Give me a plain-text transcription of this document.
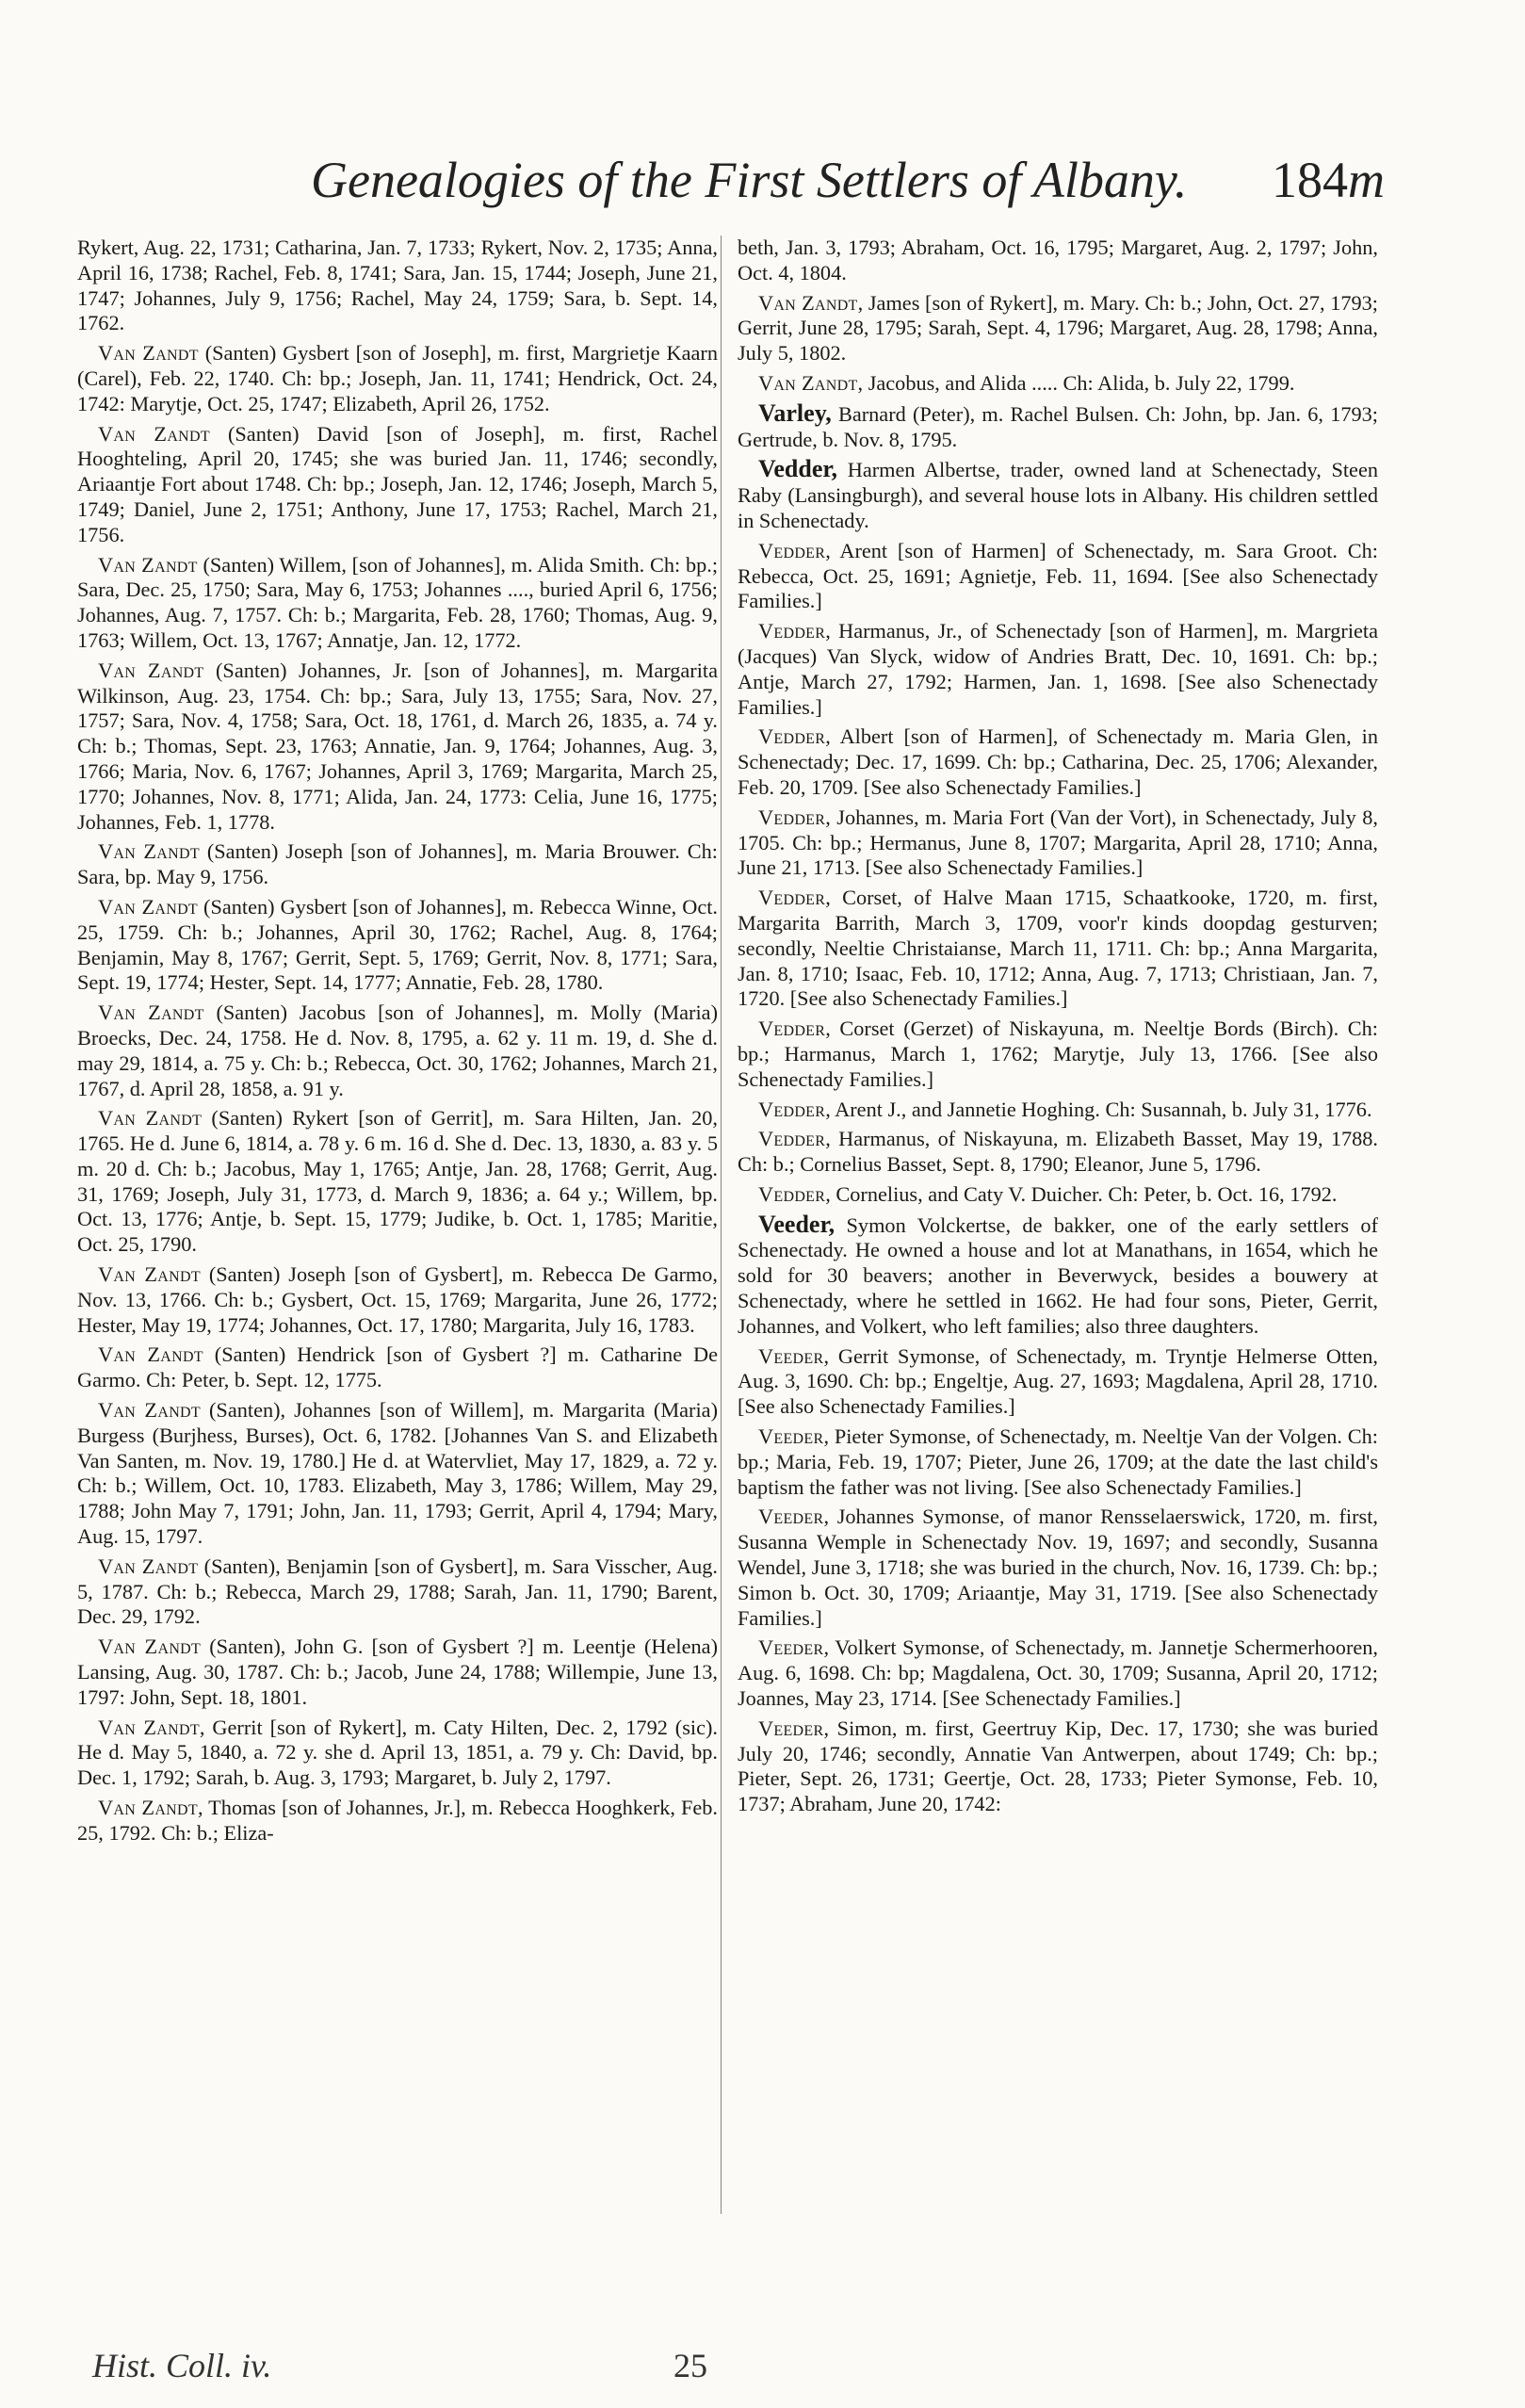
Genealogies of the First Settlers of Albany. 184m

Rykert, Aug. 22, 1731; Catharina, Jan. 7, 1733; Rykert, Nov. 2, 1735; Anna, April 16, 1738; Rachel, Feb. 8, 1741; Sara, Jan. 15, 1744; Joseph, June 21, 1747; Johannes, July 9, 1756; Rachel, May 24, 1759; Sara, b. Sept. 14, 1762.

Van Zandt (Santen) Gysbert [son of Joseph], m. first, Margrietje Kaarn (Carel), Feb. 22, 1740. Ch: bp.; Joseph, Jan. 11, 1741; Hendrick, Oct. 24, 1742: Marytje, Oct. 25, 1747; Elizabeth, April 26, 1752.

Van Zandt (Santen) David [son of Joseph], m. first, Rachel Hooghteling, April 20, 1745; she was buried Jan. 11, 1746; secondly, Ariaantje Fort about 1748. Ch: bp.; Joseph, Jan. 12, 1746; Joseph, March 5, 1749; Daniel, June 2, 1751; Anthony, June 17, 1753; Rachel, March 21, 1756.

Van Zandt (Santen) Willem, [son of Johannes], m. Alida Smith. Ch: bp.; Sara, Dec. 25, 1750; Sara, May 6, 1753; Johannes ...., buried April 6, 1756; Johannes, Aug. 7, 1757. Ch: b.; Margarita, Feb. 28, 1760; Thomas, Aug. 9, 1763; Willem, Oct. 13, 1767; Annatje, Jan. 12, 1772.

Van Zandt (Santen) Johannes, Jr. [son of Johannes], m. Margarita Wilkinson, Aug. 23, 1754. Ch: bp.; Sara, July 13, 1755; Sara, Nov. 27, 1757; Sara, Nov. 4, 1758; Sara, Oct. 18, 1761, d. March 26, 1835, a. 74 y. Ch: b.; Thomas, Sept. 23, 1763; Annatie, Jan. 9, 1764; Johannes, Aug. 3, 1766; Maria, Nov. 6, 1767; Johannes, April 3, 1769; Margarita, March 25, 1770; Johannes, Nov. 8, 1771; Alida, Jan. 24, 1773: Celia, June 16, 1775; Johannes, Feb. 1, 1778.

Van Zandt (Santen) Joseph [son of Johannes], m. Maria Brouwer. Ch: Sara, bp. May 9, 1756.

Van Zandt (Santen) Gysbert [son of Johannes], m. Rebecca Winne, Oct. 25, 1759. Ch: b.; Johannes, April 30, 1762; Rachel, Aug. 8, 1764; Benjamin, May 8, 1767; Gerrit, Sept. 5, 1769; Gerrit, Nov. 8, 1771; Sara, Sept. 19, 1774; Hester, Sept. 14, 1777; Annatie, Feb. 28, 1780.

Van Zandt (Santen) Jacobus [son of Johannes], m. Molly (Maria) Broecks, Dec. 24, 1758. He d. Nov. 8, 1795, a. 62 y. 11 m. 19, d. She d. may 29, 1814, a. 75 y. Ch: b.; Rebecca, Oct. 30, 1762; Johannes, March 21, 1767, d. April 28, 1858, a. 91 y.

Van Zandt (Santen) Rykert [son of Gerrit], m. Sara Hilten, Jan. 20, 1765. He d. June 6, 1814, a. 78 y. 6 m. 16 d. She d. Dec. 13, 1830, a. 83 y. 5 m. 20 d. Ch: b.; Jacobus, May 1, 1765; Antje, Jan. 28, 1768; Gerrit, Aug. 31, 1769; Joseph, July 31, 1773, d. March 9, 1836; a. 64 y.; Willem, bp. Oct. 13, 1776; Antje, b. Sept. 15, 1779; Judike, b. Oct. 1, 1785; Maritie, Oct. 25, 1790.

Van Zandt (Santen) Joseph [son of Gysbert], m. Rebecca De Garmo, Nov. 13, 1766. Ch: b.; Gysbert, Oct. 15, 1769; Margarita, June 26, 1772; Hester, May 19, 1774; Johannes, Oct. 17, 1780; Margarita, July 16, 1783.

Van Zandt (Santen) Hendrick [son of Gysbert ?] m. Catharine De Garmo. Ch: Peter, b. Sept. 12, 1775.

Van Zandt (Santen), Johannes [son of Willem], m. Margarita (Maria) Burgess (Burjhess, Burses), Oct. 6, 1782. [Johannes Van S. and Elizabeth Van Santen, m. Nov. 19, 1780.] He d. at Watervliet, May 17, 1829, a. 72 y. Ch: b.; Willem, Oct. 10, 1783. Elizabeth, May 3, 1786; Willem, May 29, 1788; John May 7, 1791; John, Jan. 11, 1793; Gerrit, April 4, 1794; Mary, Aug. 15, 1797.

Van Zandt (Santen), Benjamin [son of Gysbert], m. Sara Visscher, Aug. 5, 1787. Ch: b.; Rebecca, March 29, 1788; Sarah, Jan. 11, 1790; Barent, Dec. 29, 1792.

Van Zandt (Santen), John G. [son of Gysbert ?] m. Leentje (Helena) Lansing, Aug. 30, 1787. Ch: b.; Jacob, June 24, 1788; Willempie, June 13, 1797: John, Sept. 18, 1801.

Van Zandt, Gerrit [son of Rykert], m. Caty Hilten, Dec. 2, 1792 (sic). He d. May 5, 1840, a. 72 y. she d. April 13, 1851, a. 79 y. Ch: David, bp. Dec. 1, 1792; Sarah, b. Aug. 3, 1793; Margaret, b. July 2, 1797.

Van Zandt, Thomas [son of Johannes, Jr.], m. Rebecca Hooghkerk, Feb. 25, 1792. Ch: b.; Eliza-

beth, Jan. 3, 1793; Abraham, Oct. 16, 1795; Margaret, Aug. 2, 1797; John, Oct. 4, 1804.

Van Zandt, James [son of Rykert], m. Mary. Ch: b.; John, Oct. 27, 1793; Gerrit, June 28, 1795; Sarah, Sept. 4, 1796; Margaret, Aug. 28, 1798; Anna, July 5, 1802.

Van Zandt, Jacobus, and Alida ..... Ch: Alida, b. July 22, 1799.

Varley, Barnard (Peter), m. Rachel Bulsen. Ch: John, bp. Jan. 6, 1793; Gertrude, b. Nov. 8, 1795.

Vedder, Harmen Albertse, trader, owned land at Schenectady, Steen Raby (Lansingburgh), and several house lots in Albany. His children settled in Schenectady.

Vedder, Arent [son of Harmen] of Schenectady, m. Sara Groot. Ch: Rebecca, Oct. 25, 1691; Agnietje, Feb. 11, 1694. [See also Schenectady Families.]

Vedder, Harmanus, Jr., of Schenectady [son of Harmen], m. Margrieta (Jacques) Van Slyck, widow of Andries Bratt, Dec. 10, 1691. Ch: bp.; Antje, March 27, 1792; Harmen, Jan. 1, 1698. [See also Schenectady Families.]

Vedder, Albert [son of Harmen], of Schenectady m. Maria Glen, in Schenectady; Dec. 17, 1699. Ch: bp.; Catharina, Dec. 25, 1706; Alexander, Feb. 20, 1709. [See also Schenectady Families.]

Vedder, Johannes, m. Maria Fort (Van der Vort), in Schenectady, July 8, 1705. Ch: bp.; Hermanus, June 8, 1707; Margarita, April 28, 1710; Anna, June 21, 1713. [See also Schenectady Families.]

Vedder, Corset, of Halve Maan 1715, Schaatkooke, 1720, m. first, Margarita Barrith, March 3, 1709, voor'r kinds doopdag gesturven; secondly, Neeltie Christaianse, March 11, 1711. Ch: bp.; Anna Margarita, Jan. 8, 1710; Isaac, Feb. 10, 1712; Anna, Aug. 7, 1713; Christiaan, Jan. 7, 1720. [See also Schenectady Families.]

Vedder, Corset (Gerzet) of Niskayuna, m. Neeltje Bords (Birch). Ch: bp.; Harmanus, March 1, 1762; Marytje, July 13, 1766. [See also Schenectady Families.]

Vedder, Arent J., and Jannetie Hoghing. Ch: Susannah, b. July 31, 1776.

Vedder, Harmanus, of Niskayuna, m. Elizabeth Basset, May 19, 1788. Ch: b.; Cornelius Basset, Sept. 8, 1790; Eleanor, June 5, 1796.

Vedder, Cornelius, and Caty V. Duicher. Ch: Peter, b. Oct. 16, 1792.

Veeder, Symon Volckertse, de bakker, one of the early settlers of Schenectady. He owned a house and lot at Manathans, in 1654, which he sold for 30 beavers; another in Beverwyck, besides a bouwery at Schenectady, where he settled in 1662. He had four sons, Pieter, Gerrit, Johannes, and Volkert, who left families; also three daughters.

Veeder, Gerrit Symonse, of Schenectady, m. Tryntje Helmerse Otten, Aug. 3, 1690. Ch: bp.; Engeltje, Aug. 27, 1693; Magdalena, April 28, 1710. [See also Schenectady Families.]

Veeder, Pieter Symonse, of Schenectady, m. Neeltje Van der Volgen. Ch: bp.; Maria, Feb. 19, 1707; Pieter, June 26, 1709; at the date the last child's baptism the father was not living. [See also Schenectady Families.]

Veeder, Johannes Symonse, of manor Rensselaerswick, 1720, m. first, Susanna Wemple in Schenectady Nov. 19, 1697; and secondly, Susanna Wendel, June 3, 1718; she was buried in the church, Nov. 16, 1739. Ch: bp.; Simon b. Oct. 30, 1709; Ariaantje, May 31, 1719. [See also Schenectady Families.]

Veeder, Volkert Symonse, of Schenectady, m. Jannetje Schermerhooren, Aug. 6, 1698. Ch: bp; Magdalena, Oct. 30, 1709; Susanna, April 20, 1712; Joannes, May 23, 1714. [See Schenectady Families.]

Veeder, Simon, m. first, Geertruy Kip, Dec. 17, 1730; she was buried July 20, 1746; secondly, Annatie Van Antwerpen, about 1749; Ch: bp.; Pieter, Sept. 26, 1731; Geertje, Oct. 28, 1733; Pieter Symonse, Feb. 10, 1737; Abraham, June 20, 1742:

Hist. Coll. iv.	25
